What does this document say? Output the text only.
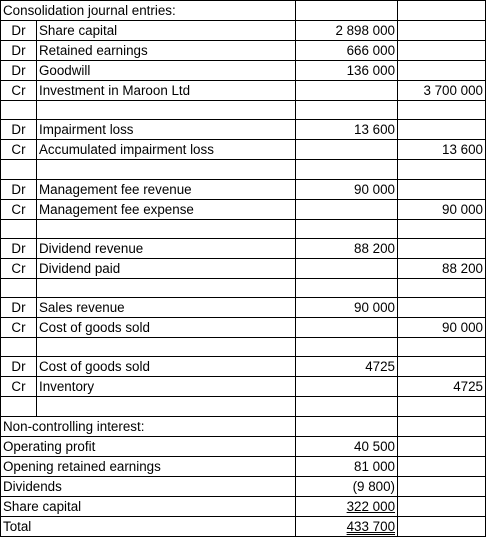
Consolidation journal entries:			
Dr	Share capital	2 898 000	
Dr	Retained earnings	666 000	
Dr	Goodwill	136 000	
Cr	Investment in Maroon Ltd		3 700 000

Dr	Impairment loss	13 600	
Cr	Accumulated impairment loss		13 600

Dr	Management fee revenue	90 000	
Cr	Management fee expense		90 000

Dr	Dividend revenue	88 200	
Cr	Dividend paid		88 200

Dr	Sales revenue	90 000	
Cr	Cost of goods sold		90 000

Dr	Cost of goods sold	4725	
Cr	Inventory		4725

Non-controlling interest:			
Operating profit		40 500	
Opening retained earnings		81 000	
Dividends		(9 800)	
Share capital		322 000	
Total		433 700	
